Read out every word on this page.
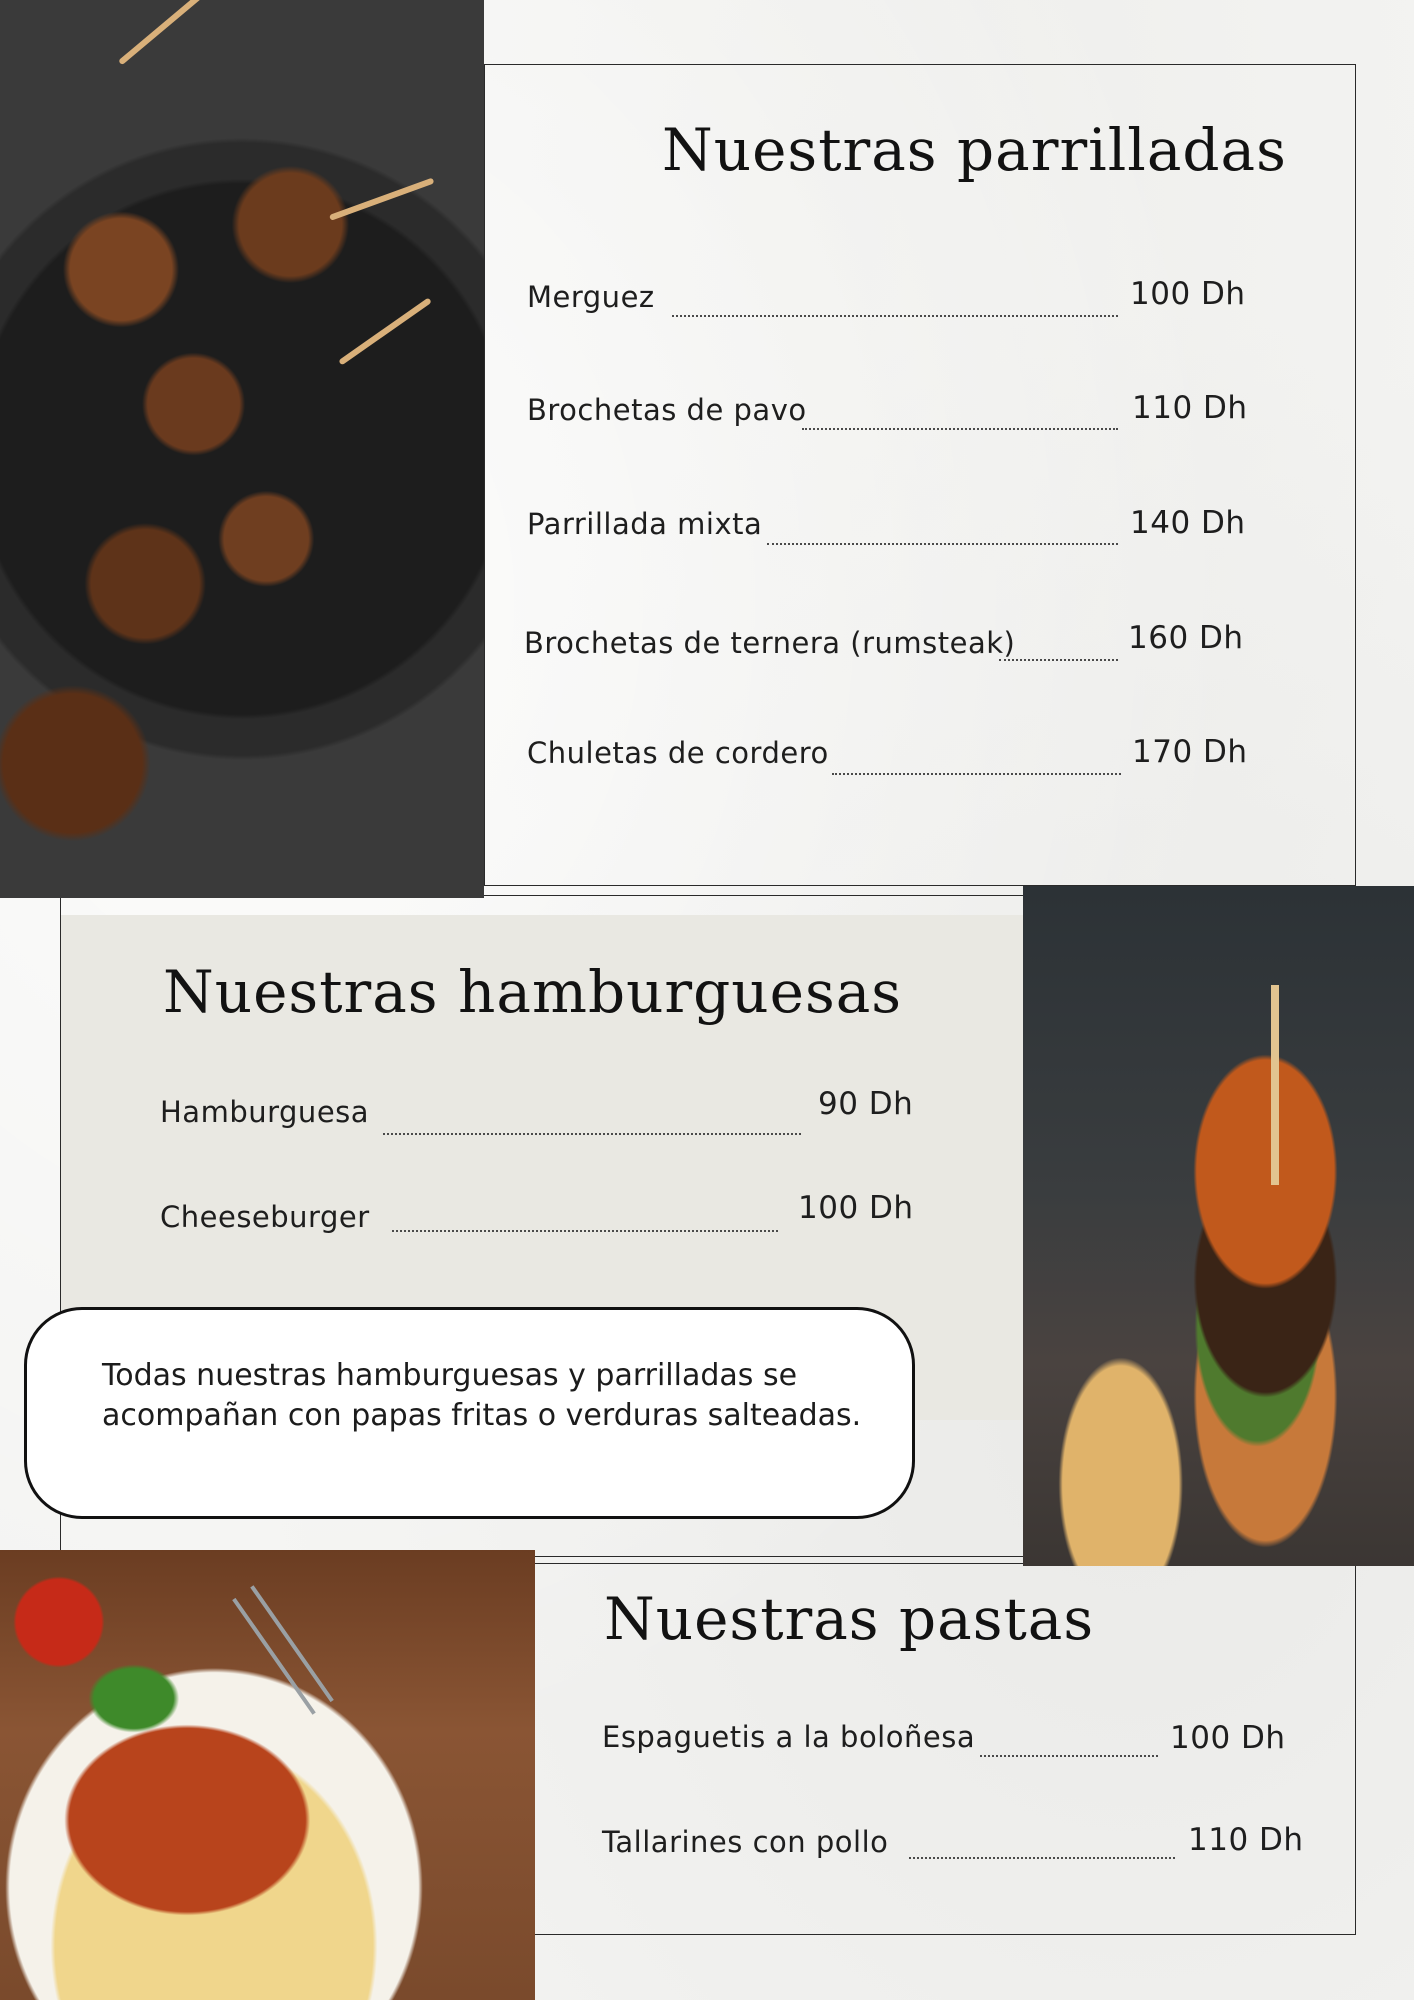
Nuestras parrilladas
Merguez	100 Dh
Brochetas de pavo	110 Dh
Parrillada mixta	140 Dh
Brochetas de ternera (rumsteak)	160 Dh
Chuletas de cordero	170 Dh
Nuestras hamburguesas
Hamburguesa	90 Dh
Cheeseburger	100 Dh
Todas nuestras hamburguesas y parrilladas se
acompañan con papas fritas o verduras salteadas.
Nuestras pastas
Espaguetis a la boloñesa	100 Dh
Tallarines con pollo	110 Dh
